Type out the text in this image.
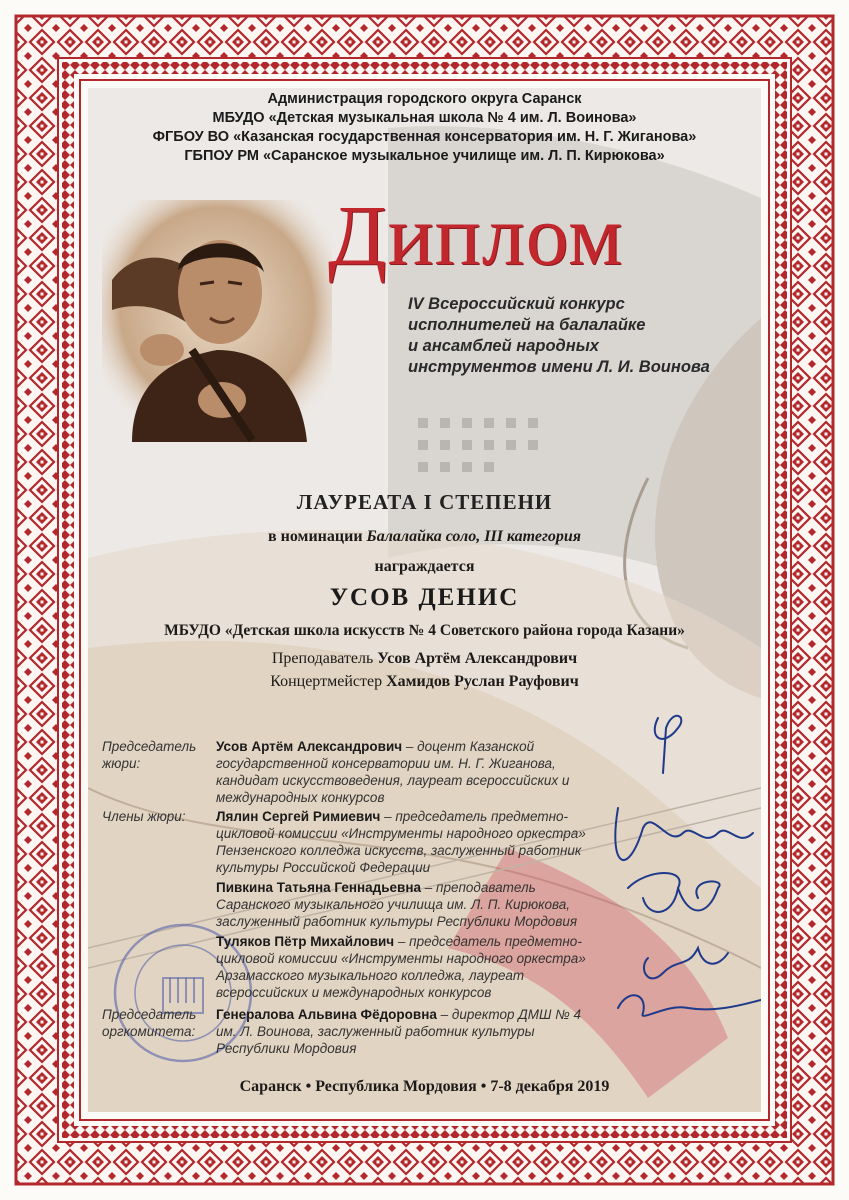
Администрация городского округа Саранск
МБУДО «Детская музыкальная школа № 4 им. Л. Воинова»
ФГБОУ ВО «Казанская государственная консерватория им. Н. Г. Жиганова»
ГБПОУ РМ «Саранское музыкальное училище им. Л. П. Кирюкова»
Диплом
IV Всероссийский конкурс
исполнителей на балалайке
и ансамблей народных
инструментов имени Л. И. Воинова
ЛАУРЕАТА I СТЕПЕНИ
в номинации Балалайка соло, III категория
награждается
УСОВ ДЕНИС
МБУДО «Детская школа искусств № 4 Советского района города Казани»
Преподаватель Усов Артём Александрович
Концертмейстер Хамидов Руслан Рауфович
Председатель
жюри:
Усов Артём Александрович – доцент Казанской
государственной консерватории им. Н. Г. Жиганова,
кандидат искусствоведения, лауреат всероссийских и
международных конкурсов
Члены жюри: Лялин Сергей Римиевич – председатель предметно-
цикловой комиссии «Инструменты народного оркестра»
Пензенского колледжа искусств, заслуженный работник
культуры Российской Федерации
Пивкина Татьяна Геннадьевна – преподаватель
Саранского музыкального училища им. Л. П. Кирюкова,
заслуженный работник культуры Республики Мордовия
Туляков Пётр Михайлович – председатель предметно-
цикловой комиссии «Инструменты народного оркестра»
Арзамасского музыкального колледжа, лауреат
всероссийских и международных конкурсов
Председатель
оргкомитета:
Генералова Альвина Фёдоровна – директор ДМШ № 4
им. Л. Воинова, заслуженный работник культуры
Республики Мордовия
Саранск • Республика Мордовия • 7-8 декабря 2019
